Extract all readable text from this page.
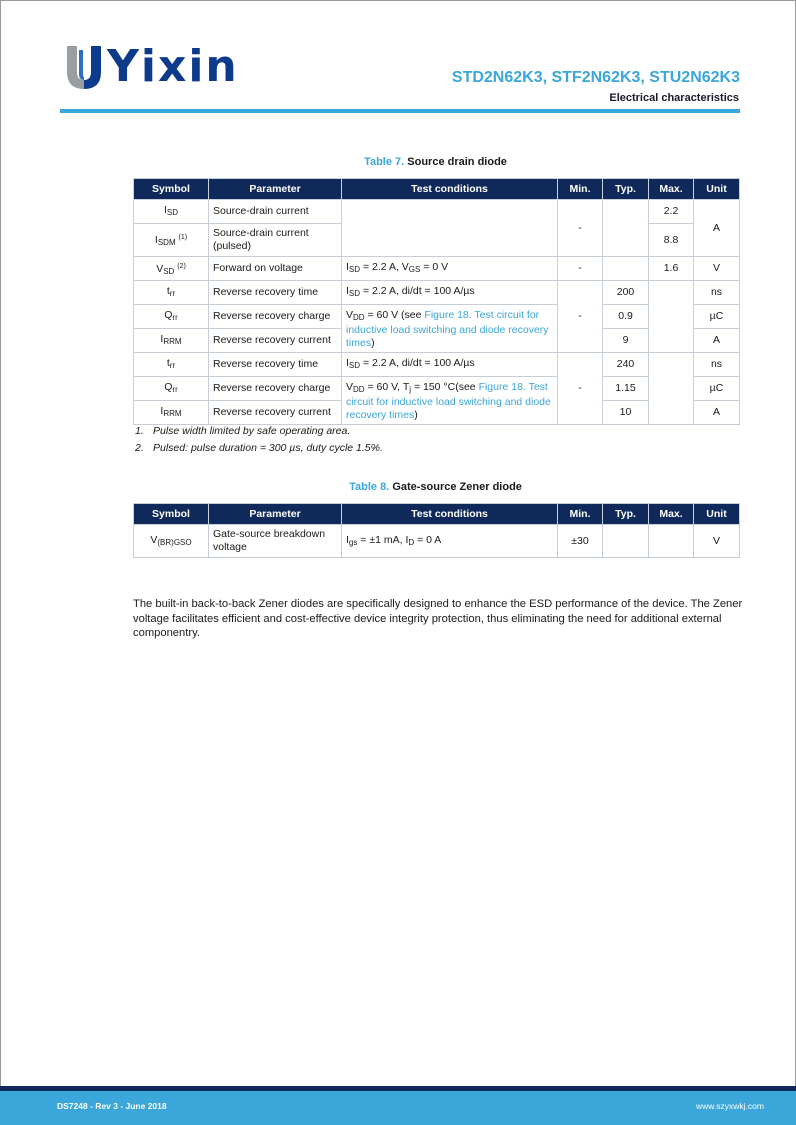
Yixin	STD2N62K3, STF2N62K3, STU2N62K3
Electrical characteristics
Table 7. Source drain diode
Symbol	Parameter	Test conditions	Min.	Typ.	Max.	Unit
$I_{SD}$	Source-drain current		-		2.2	A
$I_{SDM}$ $^{(1)}$	Source-drain current (pulsed)				8.8	
$V_{SD}$ $^{(2)}$	Forward on voltage	$I_{SD} = 2.2$ A, $V_{GS} = 0$ V	-		1.6	V
$t_{rr}$	Reverse recovery time	$I_{SD} = 2.2$ A, di/dt = 100 A/µs	-	200		ns
$Q_{rr}$	Reverse recovery charge	$V_{DD} = 60$ V (see Figure 18. Test circuit for inductive load switching and diode recovery times)		0.9		µC
$I_{RRM}$	Reverse recovery current			9		A
$t_{rr}$	Reverse recovery time	$I_{SD} = 2.2$ A, di/dt = 100 A/µs	-	240		ns
$Q_{rr}$	Reverse recovery charge	$V_{DD} = 60$ V, $T_j = 150$ °C(see Figure 18. Test circuit for inductive load switching and diode recovery times)		1.15		µC
$I_{RRM}$	Reverse recovery current			10		A
1. Pulse width limited by safe operating area.
2. Pulsed: pulse duration = 300 µs, duty cycle 1.5%.
Table 8. Gate-source Zener diode
Symbol	Parameter	Test conditions	Min.	Typ.	Max.	Unit
$V_{(BR)GSO}$	Gate-source breakdown voltage	$I_{gs} = \pm 1$ mA, $I_D = 0$ A	±30			V
The built-in back-to-back Zener diodes are specifically designed to enhance the ESD performance of the device. The Zener voltage facilitates efficient and cost-effective device integrity protection, thus eliminating the need for additional external componentry.
DS7248 - Rev 3 - June 2018	www.szyxwkj.com
